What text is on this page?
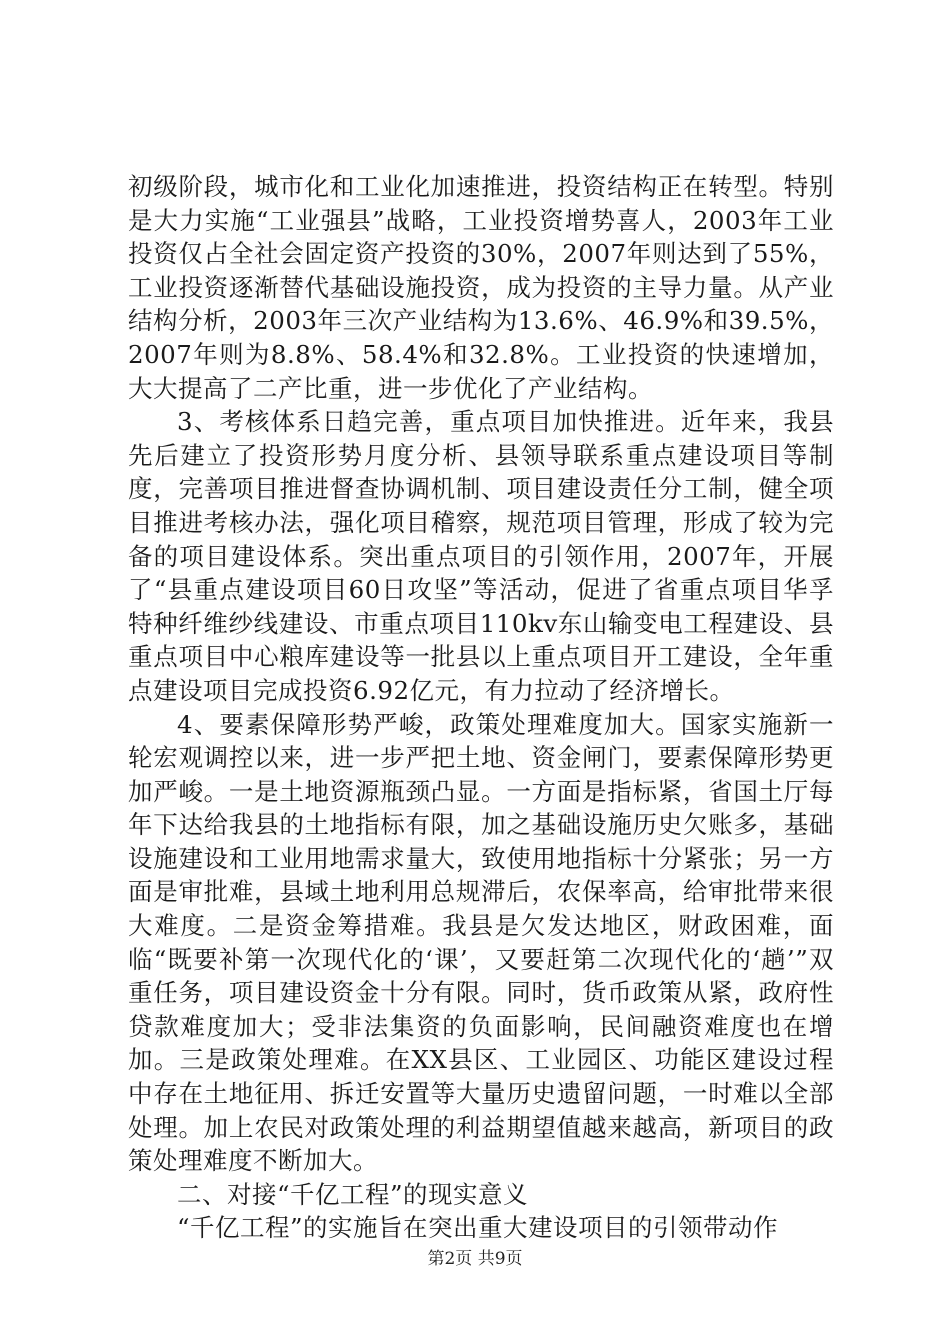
初级阶段，城市化和工业化加速推进，投资结构正在转型。特别是大力实施“工业强县”战略，工业投资增势喜人，2003年工业投资仅占全社会固定资产投资的30%，2007年则达到了55%，工业投资逐渐替代基础设施投资，成为投资的主导力量。从产业结构分析，2003年三次产业结构为13.6%、46.9%和39.5%，2007年则为8.8%、58.4%和32.8%。工业投资的快速增加，大大提高了二产比重，进一步优化了产业结构。

3、考核体系日趋完善，重点项目加快推进。近年来，我县先后建立了投资形势月度分析、县领导联系重点建设项目等制度，完善项目推进督查协调机制、项目建设责任分工制，健全项目推进考核办法，强化项目稽察，规范项目管理，形成了较为完备的项目建设体系。突出重点项目的引领作用，2007年，开展了“县重点建设项目60日攻坚”等活动，促进了省重点项目华孚特种纤维纱线建设、市重点项目110kv东山输变电工程建设、县重点项目中心粮库建设等一批县以上重点项目开工建设，全年重点建设项目完成投资6.92亿元，有力拉动了经济增长。

4、要素保障形势严峻，政策处理难度加大。国家实施新一轮宏观调控以来，进一步严把土地、资金闸门，要素保障形势更加严峻。一是土地资源瓶颈凸显。一方面是指标紧，省国土厅每年下达给我县的土地指标有限，加之基础设施历史欠账多，基础设施建设和工业用地需求量大，致使用地指标十分紧张；另一方面是审批难，县域土地利用总规滞后，农保率高，给审批带来很大难度。二是资金筹措难。我县是欠发达地区，财政困难，面临“既要补第一次现代化的‘课’，又要赶第二次现代化的‘趟’”双重任务，项目建设资金十分有限。同时，货币政策从紧，政府性贷款难度加大；受非法集资的负面影响，民间融资难度也在增加。三是政策处理难。在XX县区、工业园区、功能区建设过程中存在土地征用、拆迁安置等大量历史遗留问题，一时难以全部处理。加上农民对政策处理的利益期望值越来越高，新项目的政策处理难度不断加大。

二、对接“千亿工程”的现实意义

“千亿工程”的实施旨在突出重大建设项目的引领带动作

第2页 共9页
